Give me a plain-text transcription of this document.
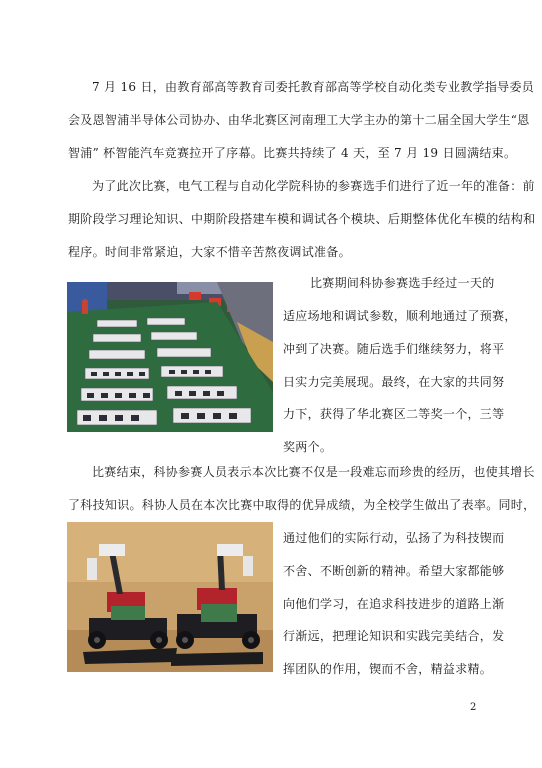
7 月 16 日，由教育部高等教育司委托教育部高等学校自动化类专业教学指导委员
会及恩智浦半导体公司协办、由华北赛区河南理工大学主办的第十二届全国大学生“恩
智浦” 杯智能汽车竞赛拉开了序幕。比赛共持续了 4 天，至 7 月 19 日圆满结束。
为了此次比赛，电气工程与自动化学院科协的参赛选手们进行了近一年的准备：前
期阶段学习理论知识、中期阶段搭建车模和调试各个模块、后期整体优化车模的结构和
程序。时间非常紧迫，大家不惜辛苦熬夜调试准备。
比赛期间科协参赛选手经过一天的
适应场地和调试参数，顺利地通过了预赛，
冲到了决赛。随后选手们继续努力，将平
日实力完美展现。最终，在大家的共同努
力下，获得了华北赛区二等奖一个，三等
奖两个。
比赛结束，科协参赛人员表示本次比赛不仅是一段难忘而珍贵的经历，也使其增长
了科技知识。科协人员在本次比赛中取得的优异成绩，为全校学生做出了表率。同时，
通过他们的实际行动，弘扬了为科技锲而
不舍、不断创新的精神。希望大家都能够
向他们学习，在追求科技进步的道路上渐
行渐远，把理论知识和实践完美结合，发
挥团队的作用，锲而不舍，精益求精。
2
